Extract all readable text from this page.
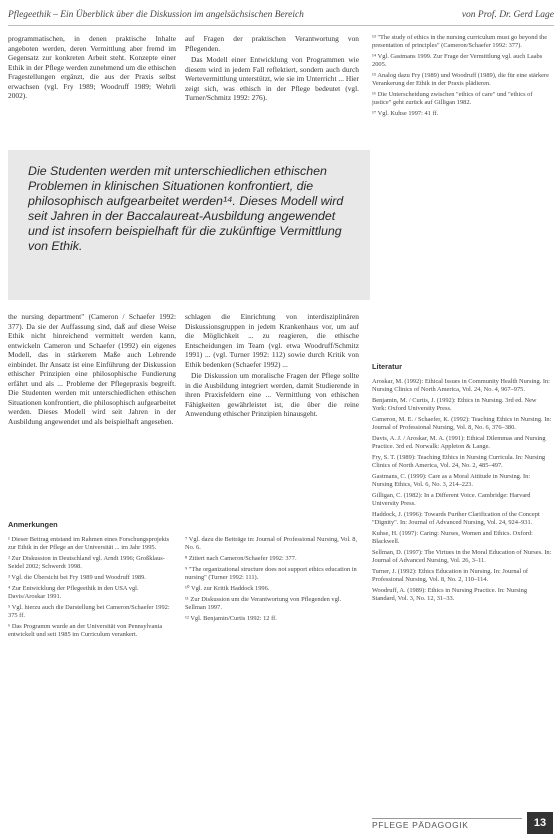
Pflegeethik – Ein Überblick über die Diskussion im angelsächsischen Bereich	von Prof. Dr. Gerd Lage

programmatischen, in denen praktische Inhalte angeboten werden, deren Vermittlung aber fremd im Gegensatz zur konkreten Arbeit steht. Konzepte einer Ethik in der Pflege werden zunehmend um die ethischen Fragestellungen ergänzt, die aus der Praxis selbst erwachsen (vgl. Fry 1989; Woodruff 1989; Wehrli 2002).

auf Fragen der praktischen Verantwortung von Pflegenden.

Das Modell einer Entwicklung von Programmen wie diesem wird in jedem Fall reflektiert, sondern auch durch Wertevermittlung unterstützt, wie sie im Unterricht ... Hier zeigt sich, was ethisch in der Pflege bedeutet (vgl. Turner/Schmitz 1992: 276).

Die Studenten werden mit unterschiedlichen ethischen Problemen in klinischen Situationen konfrontiert, die philosophisch aufgearbeitet werden¹⁴. Dieses Modell wird seit Jahren in der Baccalaureat-Ausbildung angewendet und ist insofern beispielhaft für die zukünftige Vermittlung von Ethik.

the nursing department" (Cameron / Schaefer 1992: 377). Da sie der Auffassung sind, daß auf diese Weise Ethik nicht hinreichend vermittelt werden kann, entwickeln Cameron und Schaefer (1992) ein eigenes Modell, das in stärkerem Maße auch Lehrende einbindet. Ihr Ansatz ist eine Einführung der Diskussion ethischer Prinzipien eine philosophische Fundierung erfährt und als ... Probleme der Pflegepraxis begreift. Die Studenten werden mit unterschiedlichen ethischen Situationen konfrontiert, die philosophisch aufgearbeitet werden. Dieses Modell wird seit Jahren in der Ausbildung angewendet und als beispielhaft angesehen.

schlagen die Einrichtung von interdisziplinären Diskussionsgruppen in jedem Krankenhaus vor, um auf die Möglichkeit ... zu reagieren, die ethische Entscheidungen im Team (vgl. etwa Woodruff/Schmitz 1991) ... (vgl. Turner 1992: 112) sowie durch Kritik von Ethik bedenken (Schaefer 1992) ...

Die Diskussion um moralische Fragen der Pflege sollte in die Ausbildung integriert werden, damit Studierende in ihren Praxisfeldern eine ... Vermittlung von ethischen Fähigkeiten gewährleistet ist, die über die reine Anwendung ethischer Prinzipien hinausgeht.

Anmerkungen
¹ Dieser Beitrag entstand im Rahmen eines Forschungsprojekts zur Ethik in der Pflege an der Universität ... im Jahr 1995.
² Zur Diskussion in Deutschland vgl. Arndt 1996; Großklaus-Seidel 2002; Schwerdt 1998.
³ Vgl. die Übersicht bei Fry 1989 und Woodruff 1989.
⁴ Zur Entwicklung der Pflegeethik in den USA vgl. Davis/Aroskar 1991.
⁵ Vgl. hierzu auch die Darstellung bei Cameron/Schaefer 1992: 375 ff.
⁶ Das Programm wurde an der Universität von Pennsylvania entwickelt und seit 1985 im Curriculum verankert.
⁷ Vgl. dazu die Beiträge in: Journal of Professional Nursing, Vol. 8, No. 6.
⁸ Zitiert nach Cameron/Schaefer 1992: 377.
⁹ "The organizational structure does not support ethics education in nursing" (Turner 1992: 111).
¹⁰ Vgl. zur Kritik Haddock 1996.
¹¹ Zur Diskussion um die Verantwortung von Pflegenden vgl. Sellman 1997.
¹² Vgl. Benjamin/Curtis 1992: 12 ff.
¹³ "The study of ethics in the nursing curriculum must go beyond the presentation of principles" (Cameron/Schaefer 1992: 377).
¹⁴ Vgl. Gastmans 1999. Zur Frage der Vermittlung vgl. auch Laabs 2005.
¹⁵ Analog dazu Fry (1989) und Woodruff (1989), die für eine stärkere Verankerung der Ethik in der Praxis plädieren.
¹⁶ Die Unterscheidung zwischen "ethics of care" und "ethics of justice" geht zurück auf Gilligan 1982.
¹⁷ Vgl. Kuhse 1997: 41 ff.
Literatur
Aroskar, M. (1992): Ethical Issues in Community Health Nursing. In: Nursing Clinics of North America, Vol. 24, No. 4, 967–975.
Benjamin, M. / Curtis, J. (1992): Ethics in Nursing. 3rd ed. New York: Oxford University Press.
Cameron, M. E. / Schaefer, K. (1992): Teaching Ethics in Nursing. In: Journal of Professional Nursing, Vol. 8, No. 6, 376–380.
Davis, A. J. / Aroskar, M. A. (1991): Ethical Dilemmas and Nursing Practice. 3rd ed. Norwalk: Appleton & Lange.
Fry, S. T. (1989): Teaching Ethics in Nursing Curricula. In: Nursing Clinics of North America, Vol. 24, No. 2, 485–497.
Gastmans, C. (1999): Care as a Moral Attitude in Nursing. In: Nursing Ethics, Vol. 6, No. 3, 214–223.
Gilligan, C. (1982): In a Different Voice. Cambridge: Harvard University Press.
Haddock, J. (1996): Towards Further Clarification of the Concept "Dignity". In: Journal of Advanced Nursing, Vol. 24, 924–931.
Kuhse, H. (1997): Caring: Nurses, Women and Ethics. Oxford: Blackwell.
Sellman, D. (1997): The Virtues in the Moral Education of Nurses. In: Journal of Advanced Nursing, Vol. 26, 3–11.
Turner, J. (1992): Ethics Education in Nursing. In: Journal of Professional Nursing, Vol. 8, No. 2, 110–114.
Woodruff, A. (1989): Ethics in Nursing Practice. In: Nursing Standard, Vol. 3, No. 12, 31–33.
PFLEGE PÄDAGOGIK	13
